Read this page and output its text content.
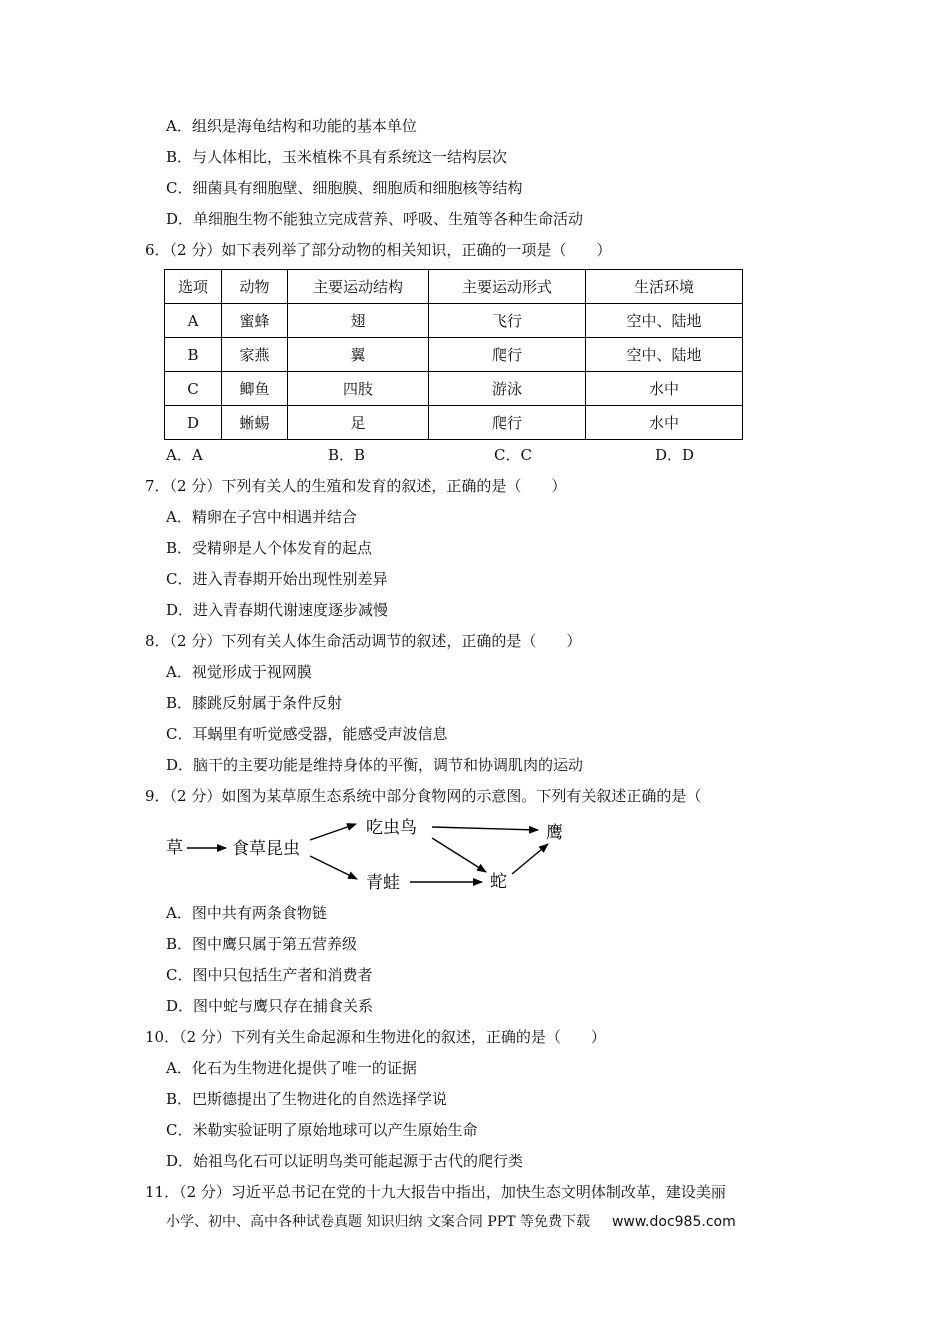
A．组织是海龟结构和功能的基本单位
B．与人体相比，玉米植株不具有系统这一结构层次
C．细菌具有细胞壁、细胞膜、细胞质和细胞核等结构
D．单细胞生物不能独立完成营养、呼吸、生殖等各种生命活动
6．（2 分）如下表列举了部分动物的相关知识，正确的一项是（　　）
选项	动物	主要运动结构	主要运动形式	生活环境
A	蜜蜂	翅	飞行	空中、陆地
B	家燕	翼	爬行	空中、陆地
C	鲫鱼	四肢	游泳	水中
D	蜥蜴	足	爬行	水中
A．A	B．B	C．C	D．D
7．（2 分）下列有关人的生殖和发育的叙述，正确的是（　　）
A．精卵在子宫中相遇并结合
B．受精卵是人个体发育的起点
C．进入青春期开始出现性别差异
D．进入青春期代谢速度逐步减慢
8．（2 分）下列有关人体生命活动调节的叙述，正确的是（　　）
A．视觉形成于视网膜
B．膝跳反射属于条件反射
C．耳蜗里有听觉感受器，能感受声波信息
D．脑干的主要功能是维持身体的平衡，调节和协调肌肉的运动
9．（2 分）如图为某草原生态系统中部分食物网的示意图。下列有关叙述正确的是（
草	食草昆虫
吃虫鸟	鹰
青蛙	蛇
A．图中共有两条食物链
B．图中鹰只属于第五营养级
C．图中只包括生产者和消费者
D．图中蛇与鹰只存在捕食关系
10．（2 分）下列有关生命起源和生物进化的叙述，正确的是（　　）
A．化石为生物进化提供了唯一的证据
B．巴斯德提出了生物进化的自然选择学说
C．米勒实验证明了原始地球可以产生原始生命
D．始祖鸟化石可以证明鸟类可能起源于古代的爬行类
11．（2 分）习近平总书记在党的十九大报告中指出，加快生态文明体制改革，建设美丽
小学、初中、高中各种试卷真题 知识归纳 文案合同 PPT 等免费下载 www.doc985.com
